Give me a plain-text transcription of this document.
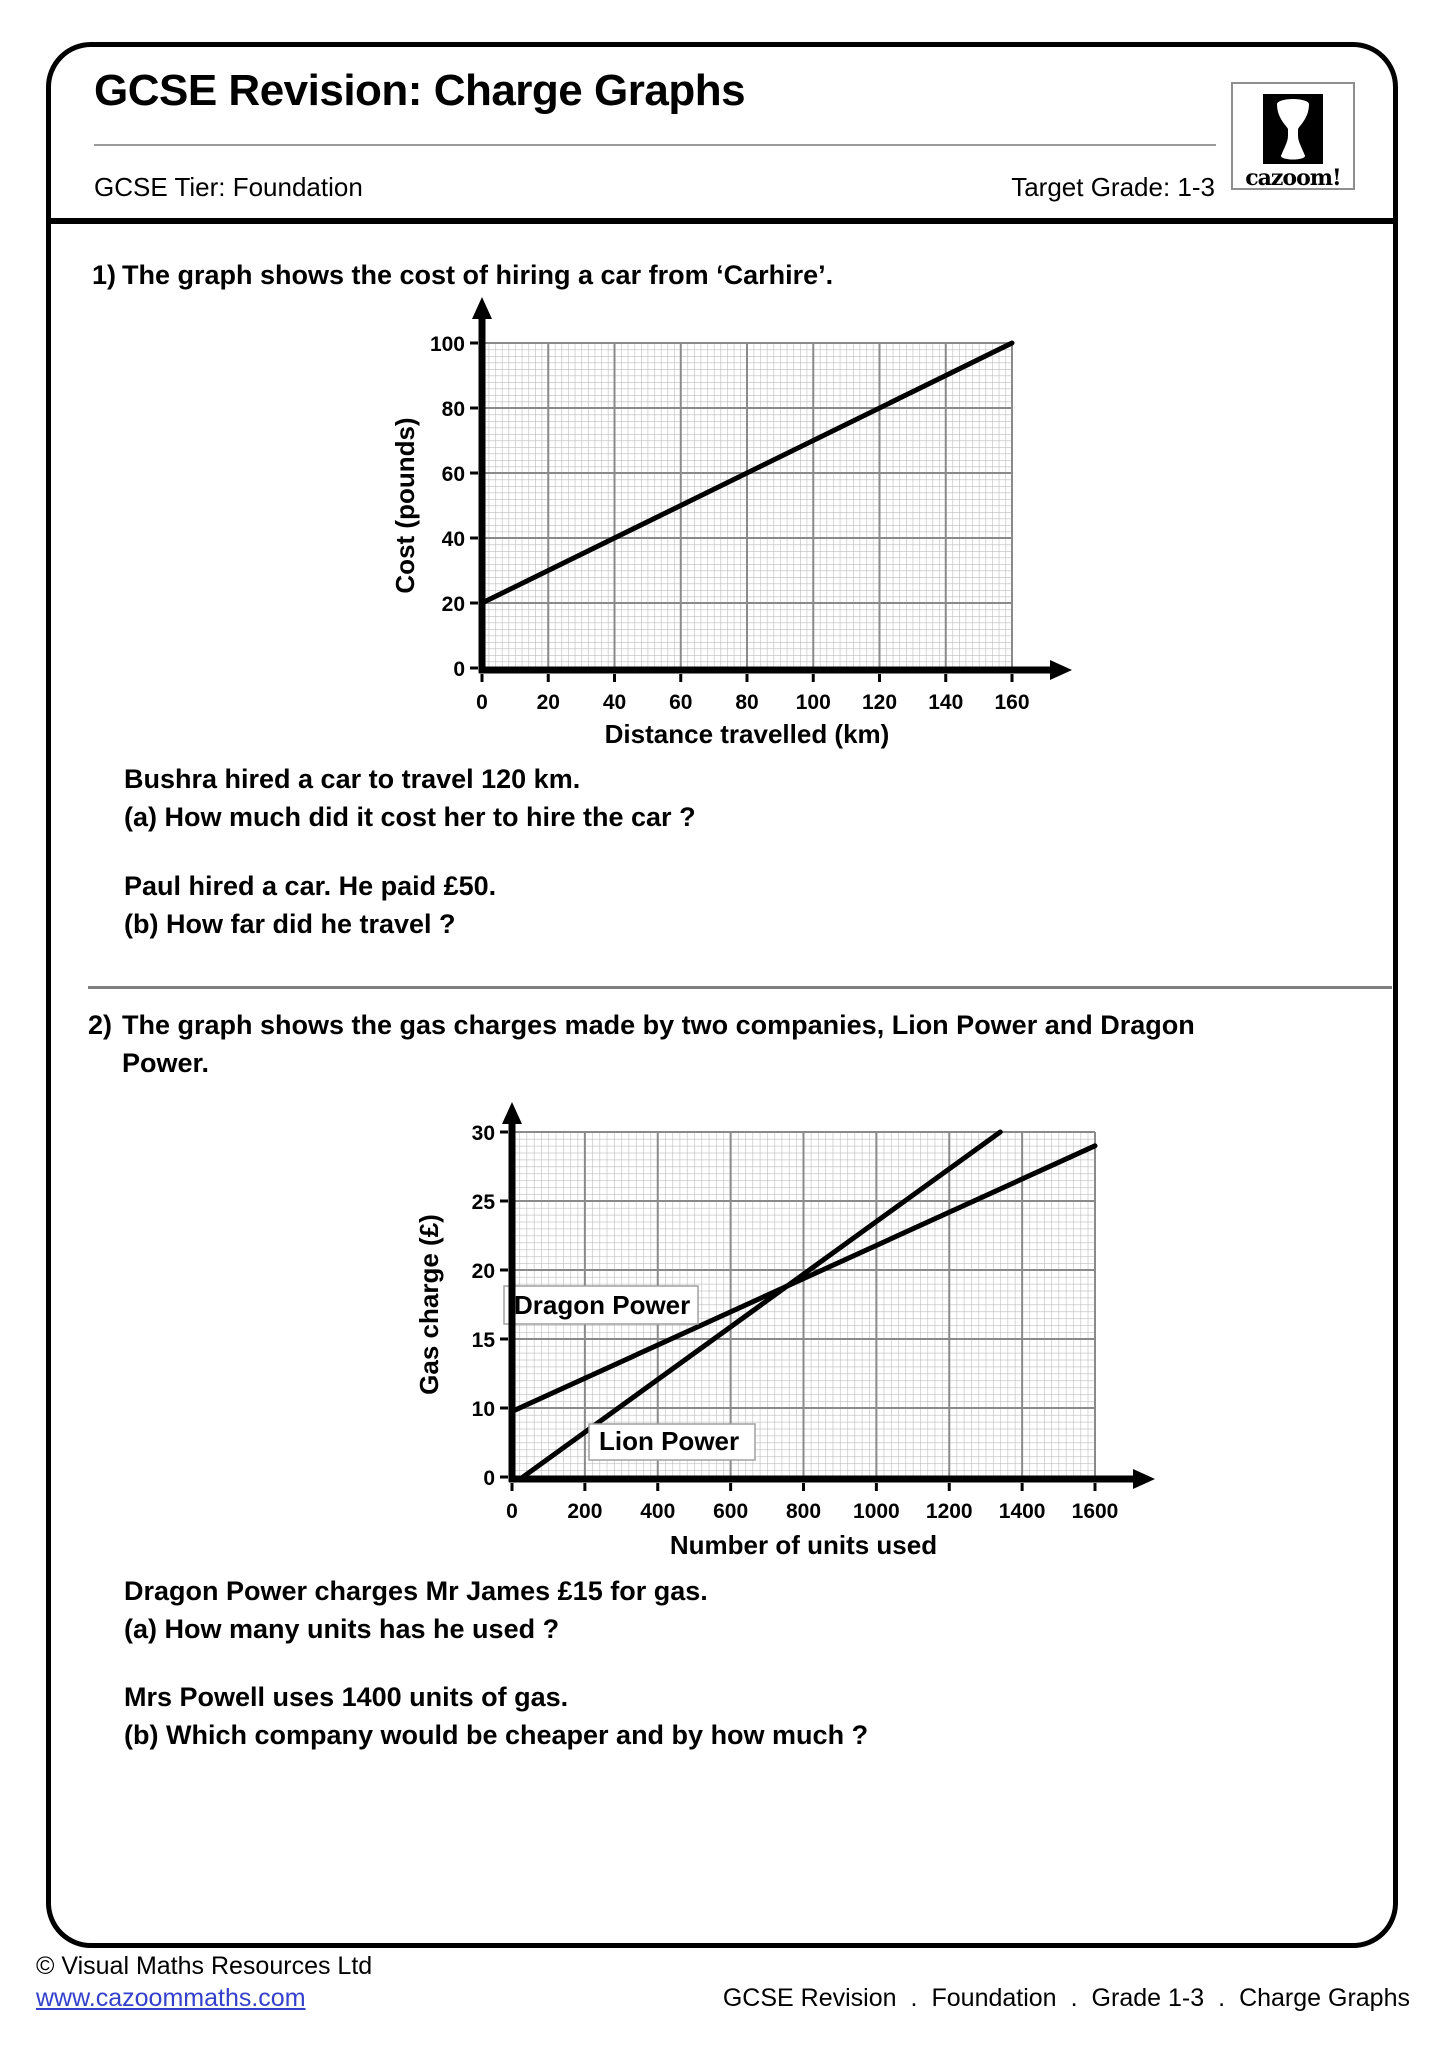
GCSE Revision: Charge Graphs
GCSE Tier: Foundation	Target Grade: 1-3	cazoom!
1) The graph shows the cost of hiring a car from ‘Carhire’.
0 20 40 60 80 100 120 140 160
0
20
40
60
80
100
Distance travelled (km)
Cost (pounds)
Bushra hired a car to travel 120 km.
(a) How much did it cost her to hire the car ?
Paul hired a car. He paid £50.
(b) How far did he travel ?
2) The graph shows the gas charges made by two companies, Lion Power and Dragon
Power.
Dragon Power
Lion Power
0 200 400 600 800 1000 1200 1400 1600
0
10
15
20
25
30
Number of units used
Gas charge (£)
Dragon Power charges Mr James £15 for gas.
(a) How many units has he used ?
Mrs Powell uses 1400 units of gas.
(b) Which company would be cheaper and by how much ?
© Visual Maths Resources Ltd
www.cazoommaths.com	GCSE Revision . Foundation . Grade 1-3 . Charge Graphs
